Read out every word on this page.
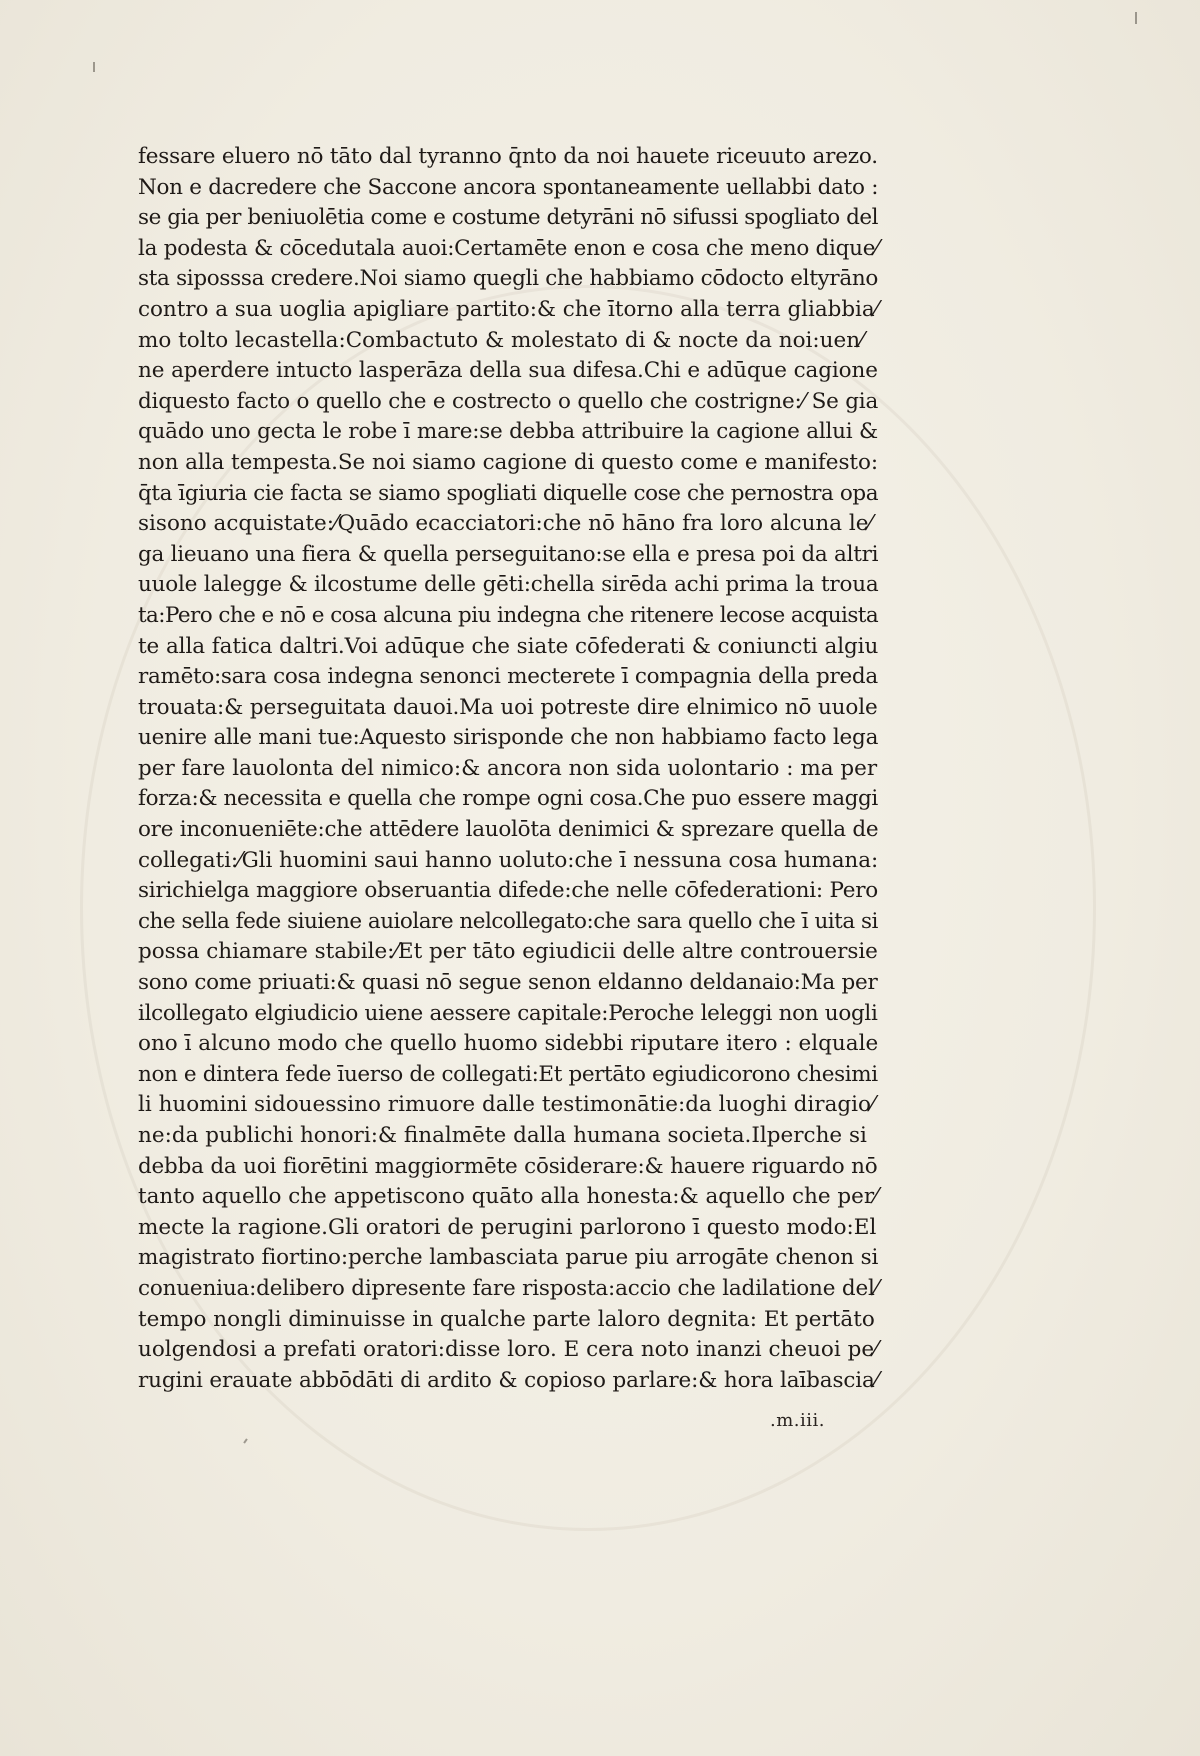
fessare eluero nō tāto dal tyranno q̄nto da noi hauete riceuuto arezo.
Non e dacredere che Saccone ancora spontaneamente uellabbi dato :
se gia per beniuolētia come e costume detyrāni nō sifussi spogliato del
la podesta & cōcedutala auoi:Certamēte enon e cosa che meno dique⁄
sta siposssa credere.Noi siamo quegli che habbiamo cōdocto eltyrāno
contro a sua uoglia apigliare partito:& che ītorno alla terra gliabbia⁄
mo tolto lecastella:Combactuto & molestato di & nocte da noi:uen⁄
ne aperdere intucto lasperāza della sua difesa.Chi e adūque cagione
diquesto facto o quello che e costrecto o quello che costrigne:⁄ Se gia
quādo uno gecta le robe ī mare:se debba attribuire la cagione allui &
non alla tempesta.Se noi siamo cagione di questo come e manifesto:
q̄ta īgiuria cie facta se siamo spogliati diquelle cose che pernostra opa
sisono acquistate:⁄Quādo ecacciatori:che nō hāno fra loro alcuna le⁄
ga lieuano una fiera & quella perseguitano:se ella e presa poi da altri
uuole lalegge & ilcostume delle gēti:chella sirēda achi prima la troua
ta:Pero che e nō e cosa alcuna piu indegna che ritenere lecose acquista
te alla fatica daltri.Voi adūque che siate cōfederati & coniuncti algiu
ramēto:sara cosa indegna senonci mecterete ī compagnia della preda
trouata:& perseguitata dauoi.Ma uoi potreste dire elnimico nō uuole
uenire alle mani tue:Aquesto sirisponde che non habbiamo facto lega
per fare lauolonta del nimico:& ancora non sida uolontario : ma per
forza:& necessita e quella che rompe ogni cosa.Che puo essere maggi
ore inconueniēte:che attēdere lauolōta denimici & sprezare quella de
collegati:⁄Gli huomini saui hanno uoluto:che ī nessuna cosa humana:
sirichielga maggiore obseruantia difede:che nelle cōfederationi: Pero
che sella fede siuiene auiolare nelcollegato:che sara quello che ī uita si
possa chiamare stabile:⁄Et per tāto egiudicii delle altre controuersie
sono come priuati:& quasi nō segue senon eldanno deldanaio:Ma per
ilcollegato elgiudicio uiene aessere capitale:Peroche leleggi non uogli
ono ī alcuno modo che quello huomo sidebbi riputare itero : elquale
non e dintera fede īuerso de collegati:Et pertāto egiudicorono chesimi
li huomini sidouessino rimuore dalle testimonātie:da luoghi diragio⁄
ne:da publichi honori:& finalmēte dalla humana societa.Ilperche si
debba da uoi fiorētini maggiormēte cōsiderare:& hauere riguardo nō
tanto aquello che appetiscono quāto alla honesta:& aquello che per⁄
mecte la ragione.Gli oratori de perugini parlorono ī questo modo:El
magistrato fiortino:perche lambasciata parue piu arrogāte chenon si
conueniua:delibero dipresente fare risposta:accio che ladilatione del⁄
tempo nongli diminuisse in qualche parte laloro degnita: Et pertāto
uolgendosi a prefati oratori:disse loro. E cera noto inanzi cheuoi pe⁄
rugini erauate abbōdāti di ardito & copioso parlare:& hora laībascia⁄
.m.iii.
